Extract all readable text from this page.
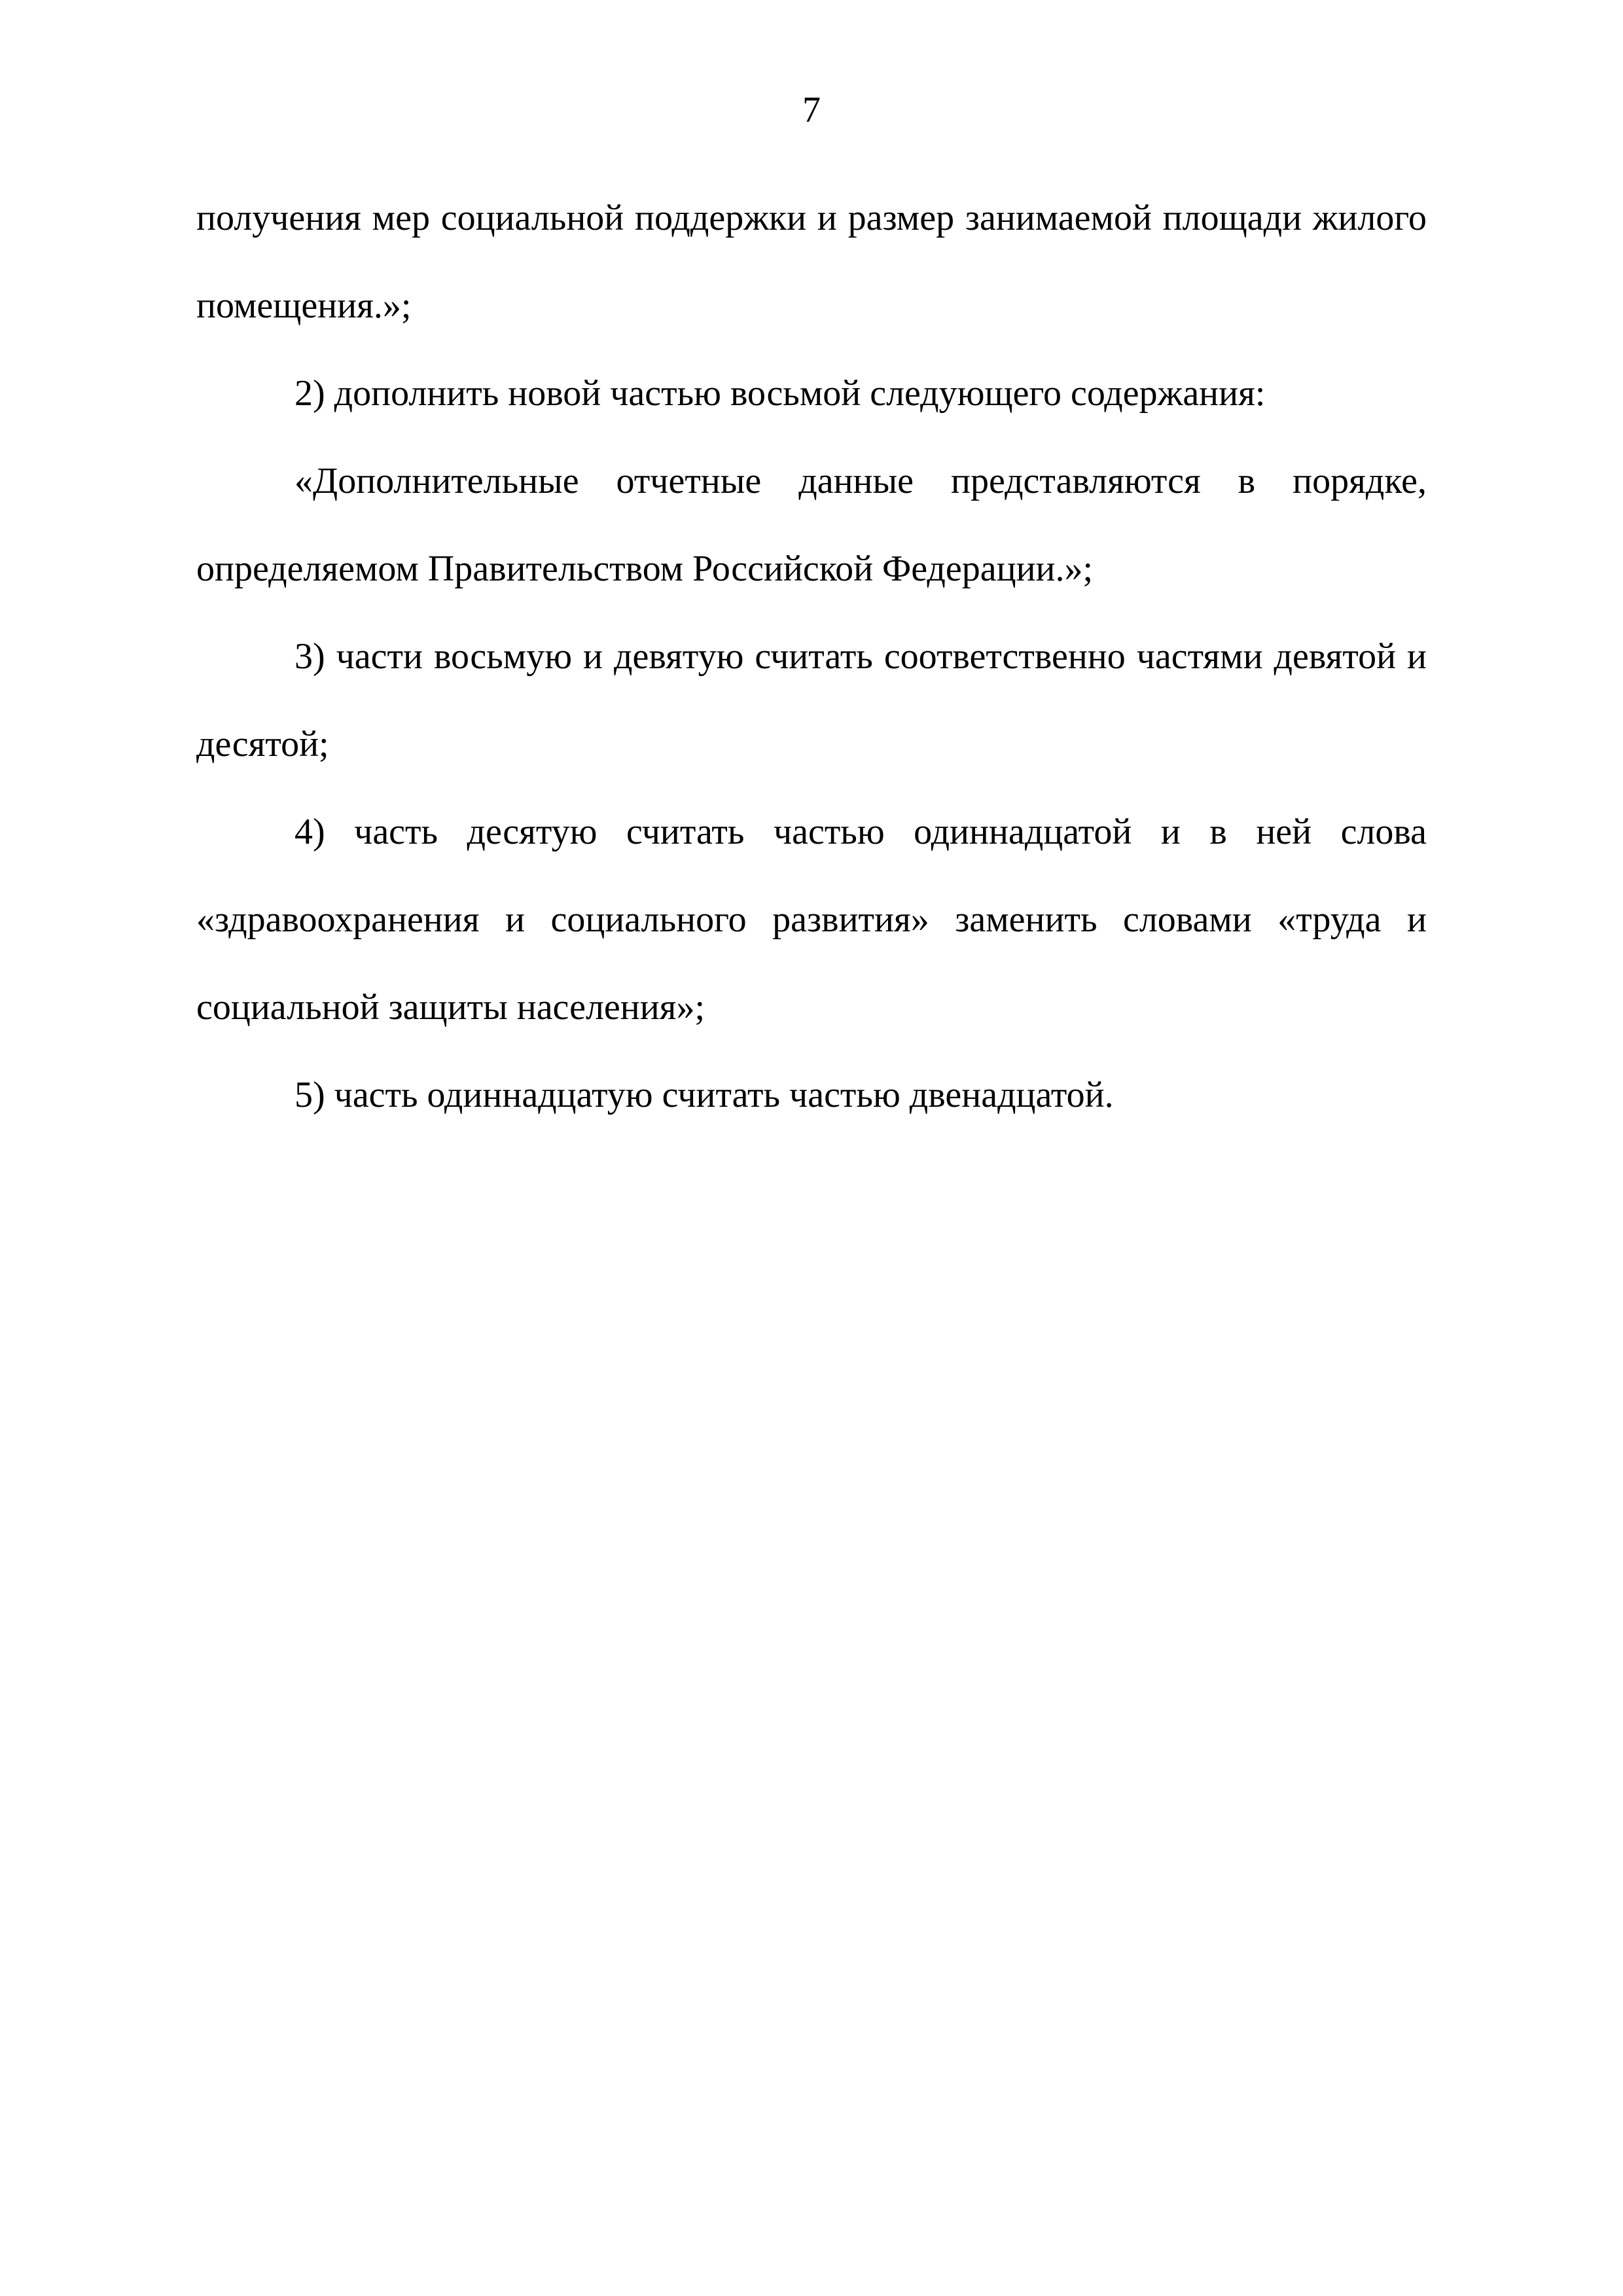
7

получения мер социальной поддержки и размер занимаемой площади жилого помещения.»;

2) дополнить новой частью восьмой следующего содержания:

«Дополнительные отчетные данные представляются в порядке, определяемом Правительством Российской Федерации.»;

3) части восьмую и девятую считать соответственно частями девятой и десятой;

4) часть десятую считать частью одиннадцатой и в ней слова «здравоохранения и социального развития» заменить словами «труда и социальной защиты населения»;

5) часть одиннадцатую считать частью двенадцатой.
